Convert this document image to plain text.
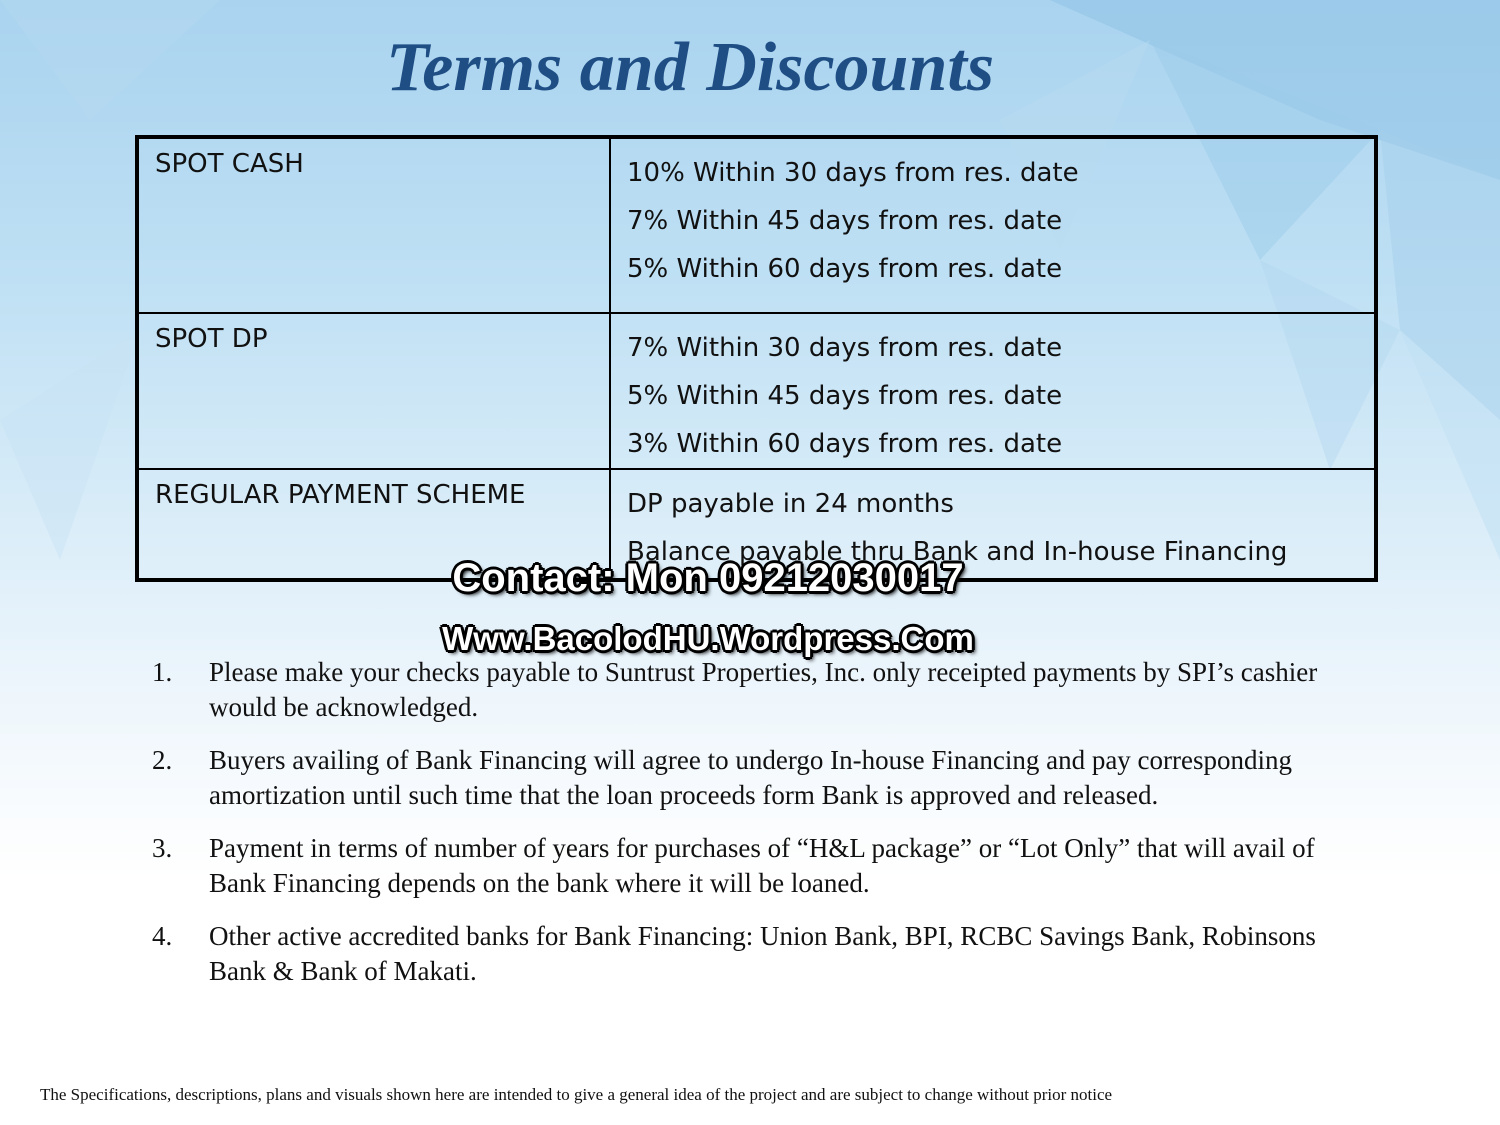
Terms and Discounts
SPOT CASH	10% Within 30 days from res. date
7% Within 45 days from res. date
5% Within 60 days from res. date

SPOT DP	7% Within 30 days from res. date
5% Within 45 days from res. date
3% Within 60 days from res. date

REGULAR PAYMENT SCHEME	DP payable in 24 months
Balance payable thru Bank and In-house Financing
Contact: Mon 09212030017
Www.BacolodHU.Wordpress.Com
1. Please make your checks payable to Suntrust Properties, Inc. only receipted payments by SPI’s cashier would be acknowledged.
2. Buyers availing of Bank Financing will agree to undergo In-house Financing and pay corresponding amortization until such time that the loan proceeds form Bank is approved and released.
3. Payment in terms of number of years for purchases of “H&L package” or “Lot Only” that will avail of Bank Financing depends on the bank where it will be loaned.
4. Other active accredited banks for Bank Financing: Union Bank, BPI, RCBC Savings Bank, Robinsons Bank & Bank of Makati.
The Specifications, descriptions, plans and visuals shown here are intended to give a general idea of the project and are subject to change without prior notice
